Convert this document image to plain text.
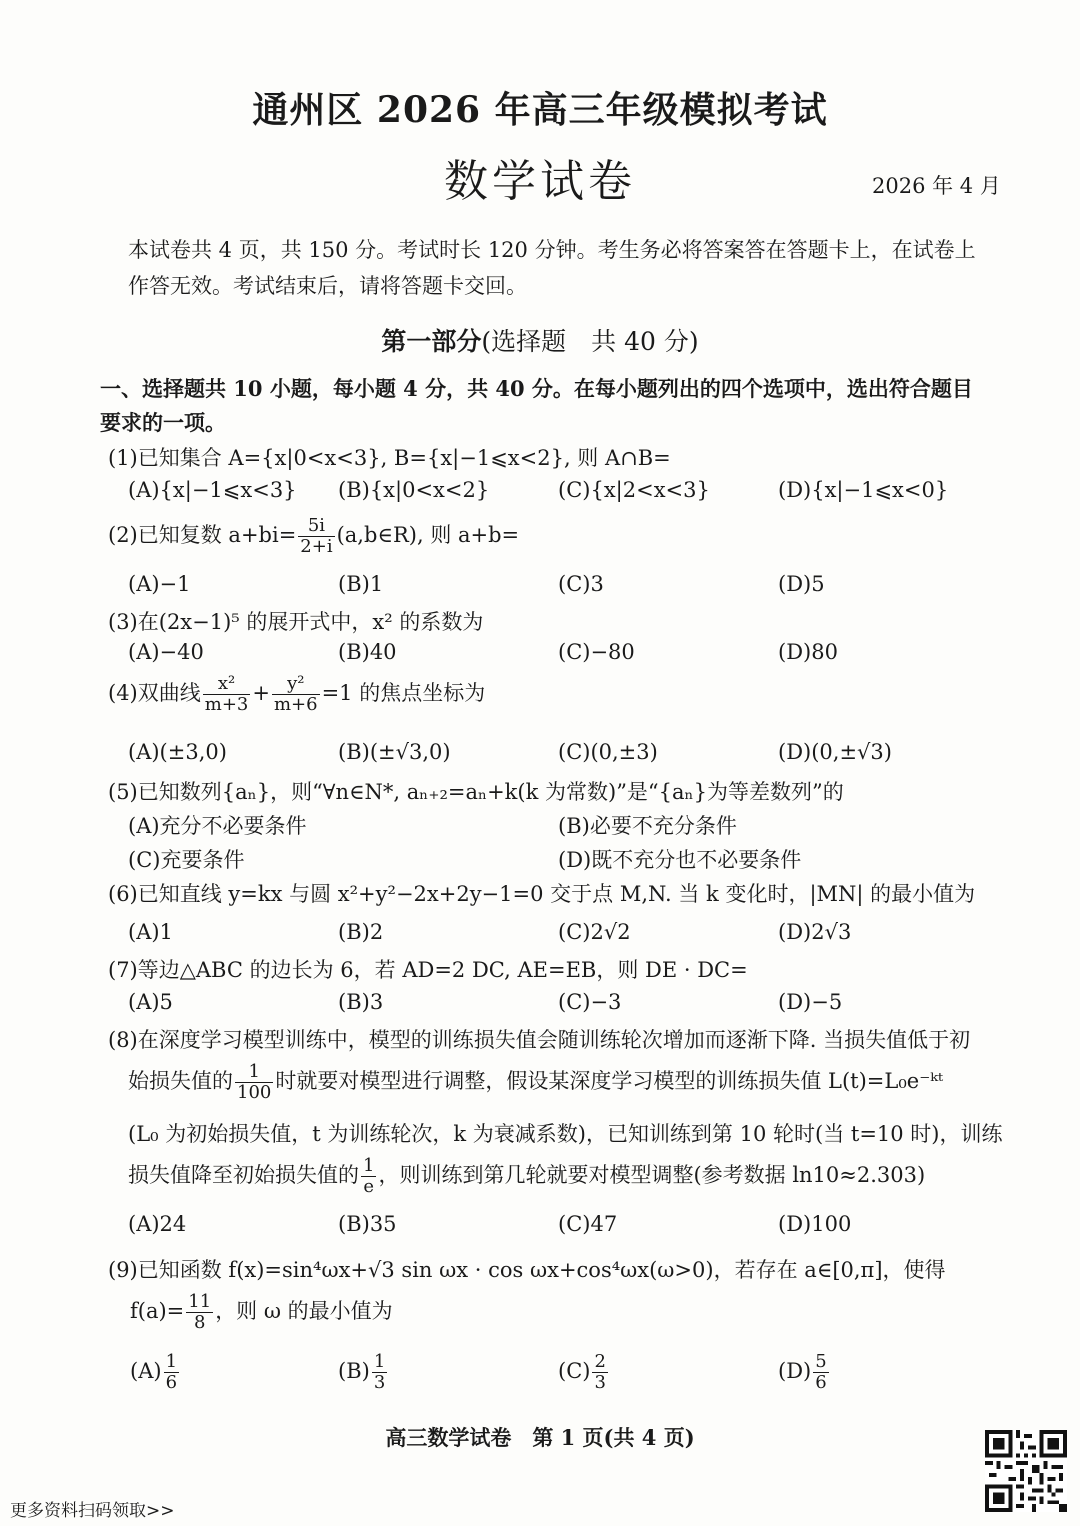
通州区 2026 年高三年级模拟考试
数学试卷	2026 年 4 月
本试卷共 4 页，共 150 分。考试时长 120 分钟。考生务必将答案答在答题卡上，在试卷上作答无效。考试结束后，请将答题卡交回。
第一部分(选择题　共 40 分)
一、选择题共 10 小题，每小题 4 分，共 40 分。在每小题列出的四个选项中，选出符合题目要求的一项。
(1)已知集合 A={x|0<x<3}, B={x|−1⩽x<2}, 则 A∩B=
(A){x|−1⩽x<3} (B){x|0<x<2}	(C){x|2<x<3}	(D){x|−1⩽x<0}
(2)已知复数 $a+bi= \frac{5i}{2+i}$ (a,b∈R), 则 a+b=
(A)−1	(B)1	(C)3	(D)5
(3)在(2x−1)⁵ 的展开式中，x² 的系数为
(A)−40	(B)40	(C)−80	(D)80
(4)双曲线 $\frac{\text{x²}}{m+3} + \frac{\text{y²}}{m+6} =1$ 的焦点坐标为
(A)(±3,0)	(B)(±√3,0)	(C)(0,±3)	(D)(0,±√3)
(5)已知数列{aₙ}，则“∀n∈N*, aₙ₊₂=aₙ+k(k 为常数)”是“{aₙ}为等差数列”的
(A)充分不必要条件	(B)必要不充分条件
(C)充要条件	(D)既不充分也不必要条件
(6)已知直线 y=kx 与圆 x²+y²−2x+2y−1=0 交于点 M,N. 当 k 变化时，|MN| 的最小值为
(A)1	(B)2	(C)2√2	(D)2√3
(7)等边△ABC 的边长为 6，若 AD=2 DC, AE=EB，则 DE · DC=
(A)5	(B)3	(C)−3	(D)−5
(8)在深度学习模型训练中，模型的训练损失值会随训练轮次增加而逐渐下降. 当损失值低于初
始损失值的 $\frac{1}{100}$ 时就要对模型进行调整，假设某深度学习模型的训练损失值 L(t)=L₀e⁻ᵏᵗ
(L₀ 为初始损失值，t 为训练轮次，k 为衰减系数)，已知训练到第 10 轮时(当 t=10 时)，训练
损失值降至初始损失值的 $\frac{1}{e}$ ，则训练到第几轮就要对模型调整(参考数据 ln10≈2.303)
(A)24	(B)35	(C)47	(D)100
(9)已知函数 f(x)=sin⁴ωx+√3 sin ωx · cos ωx+cos⁴ωx(ω>0)，若存在 a∈[0,π]，使得
$f(a)= \frac{11}{8}$ ，则 ω 的最小值为
$(A) \frac{1}{6}$	$(B) \frac{1}{3}$	$(C) \frac{2}{3}$	$(D) \frac{5}{6}$
高三数学试卷　第 1 页(共 4 页)
更多资料扫码领取>>
